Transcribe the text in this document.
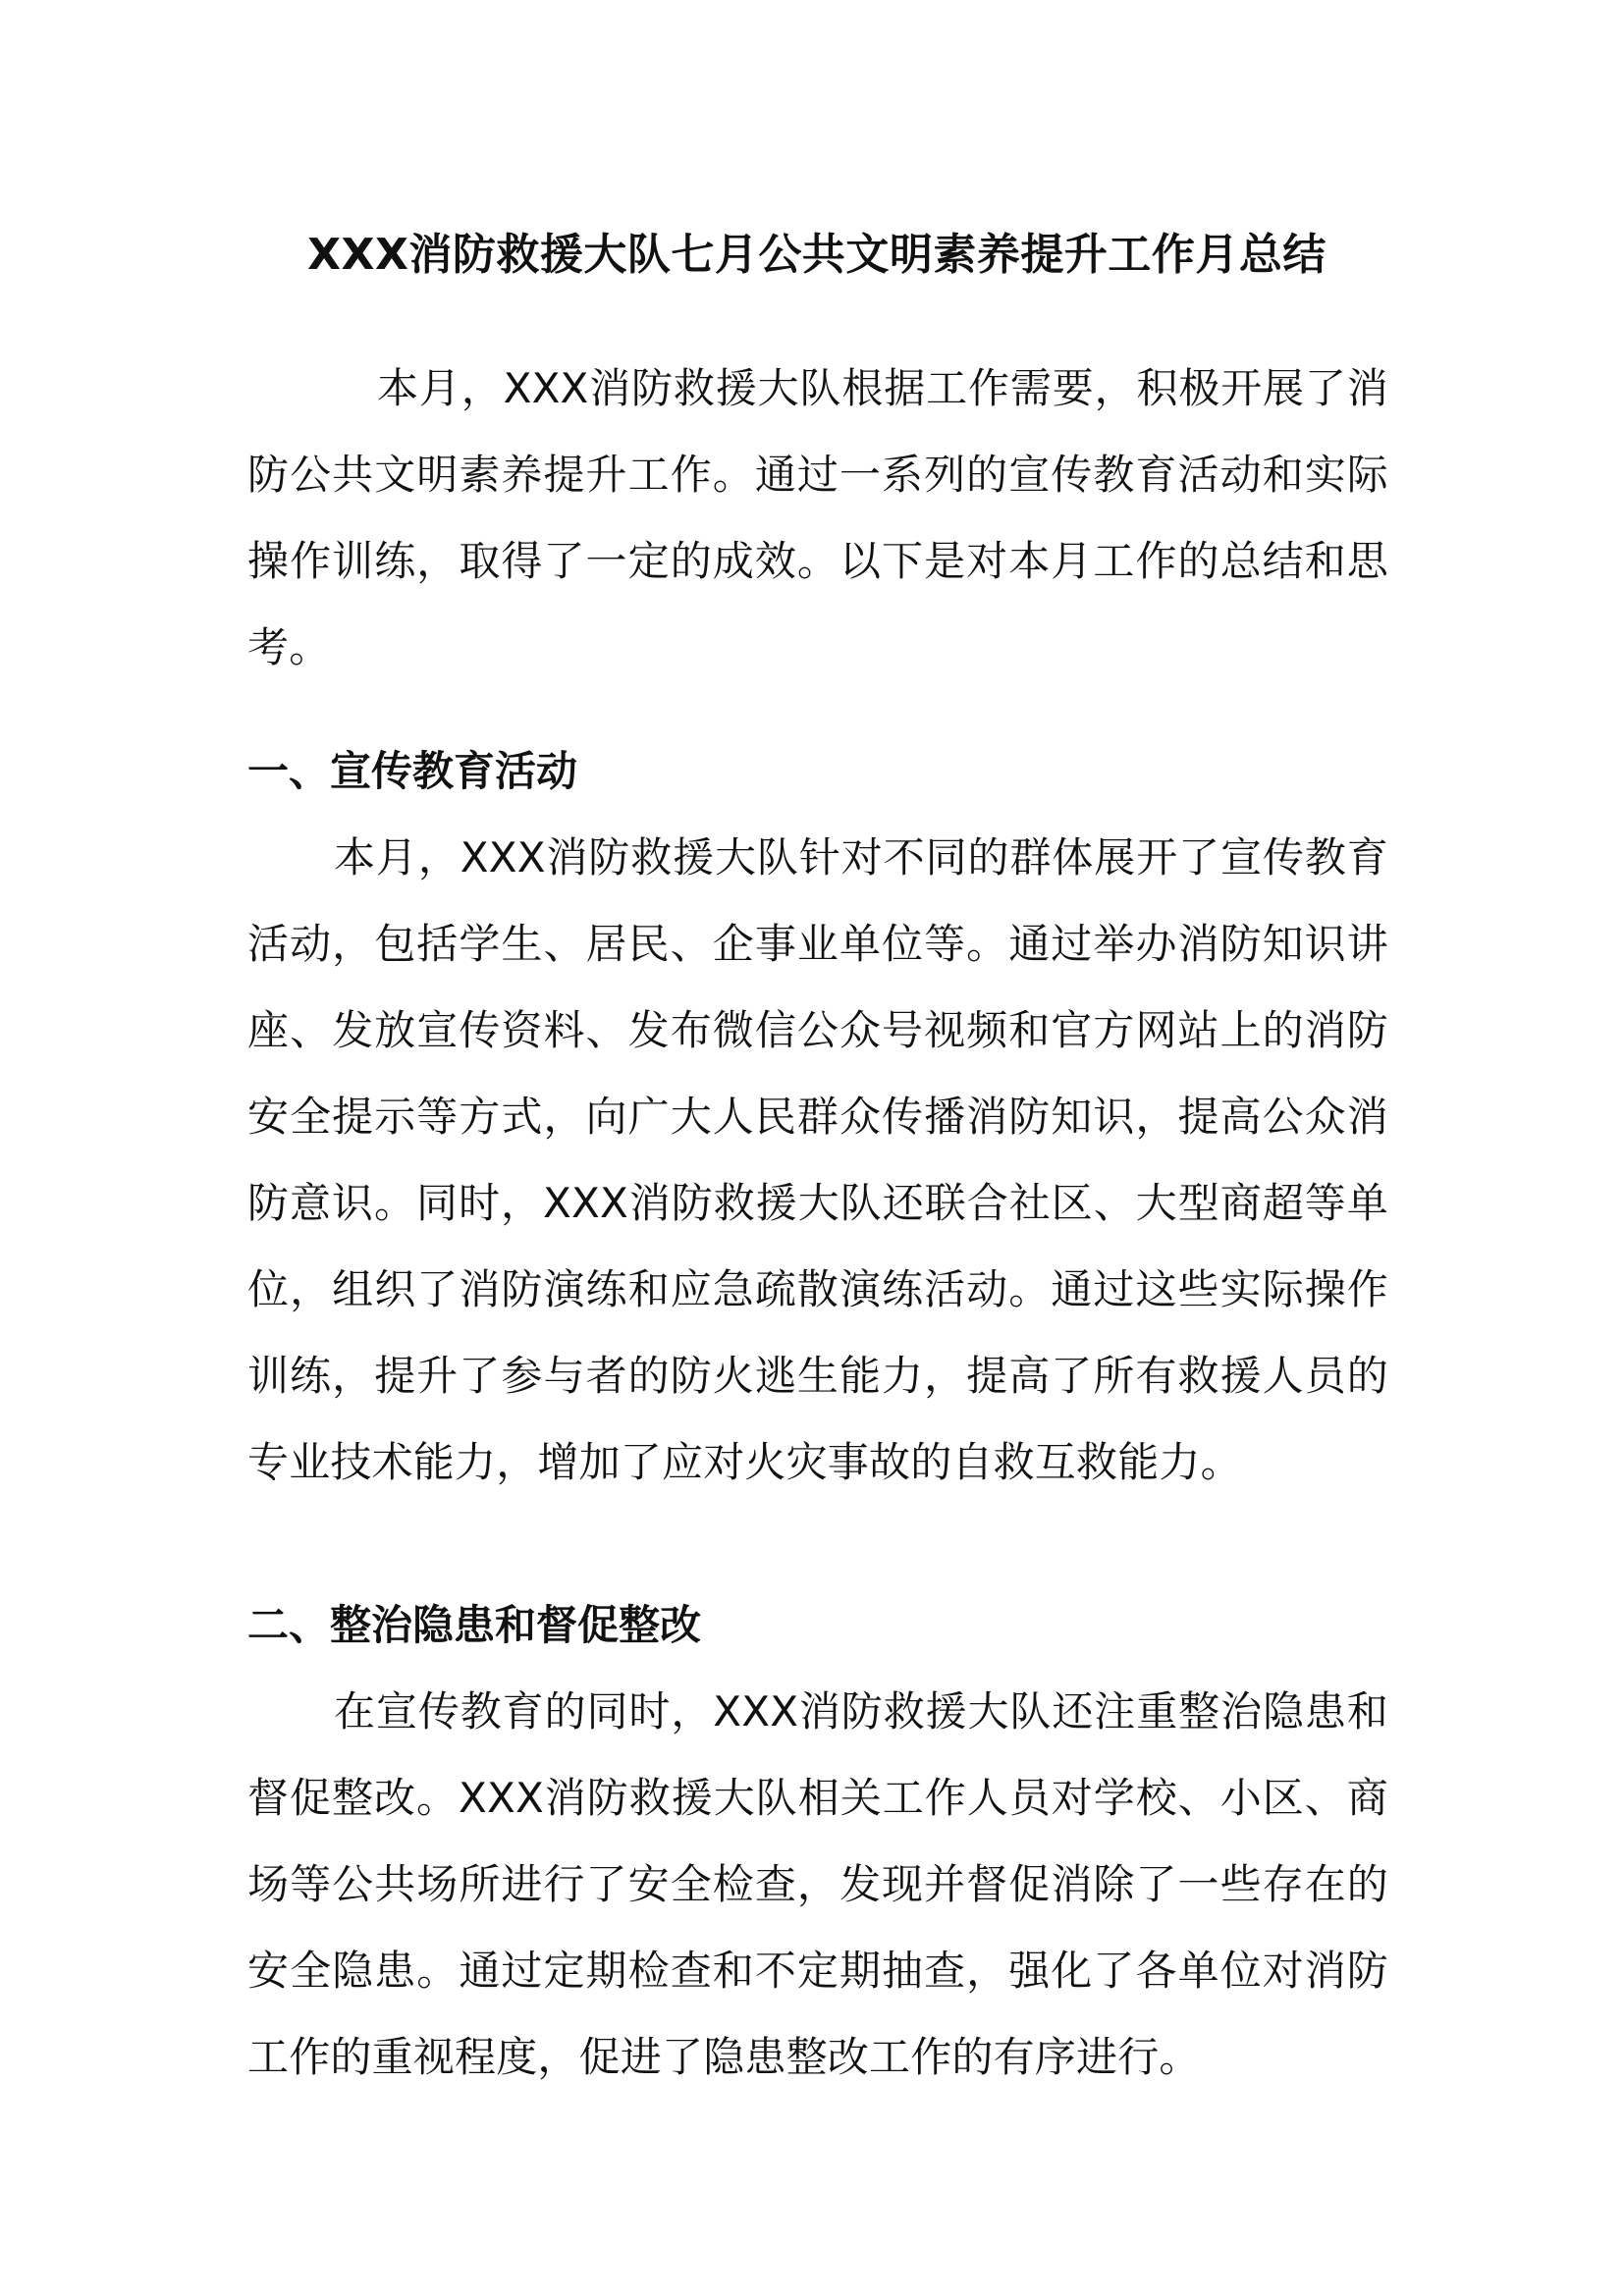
XXX消防救援大队七月公共文明素养提升工作月总结

本月，XXX消防救援大队根据工作需要，积极开展了消防公共文明素养提升工作。通过一系列的宣传教育活动和实际操作训练，取得了一定的成效。以下是对本月工作的总结和思考。

一、宣传教育活动

本月，XXX消防救援大队针对不同的群体展开了宣传教育活动，包括学生、居民、企事业单位等。通过举办消防知识讲座、发放宣传资料、发布微信公众号视频和官方网站上的消防安全提示等方式，向广大人民群众传播消防知识，提高公众消防意识。同时，XXX消防救援大队还联合社区、大型商超等单位，组织了消防演练和应急疏散演练活动。通过这些实际操作训练，提升了参与者的防火逃生能力，提高了所有救援人员的专业技术能力，增加了应对火灾事故的自救互救能力。

二、整治隐患和督促整改

在宣传教育的同时，XXX消防救援大队还注重整治隐患和督促整改。XXX消防救援大队相关工作人员对学校、小区、商场等公共场所进行了安全检查，发现并督促消除了一些存在的安全隐患。通过定期检查和不定期抽查，强化了各单位对消防工作的重视程度，促进了隐患整改工作的有序进行。
